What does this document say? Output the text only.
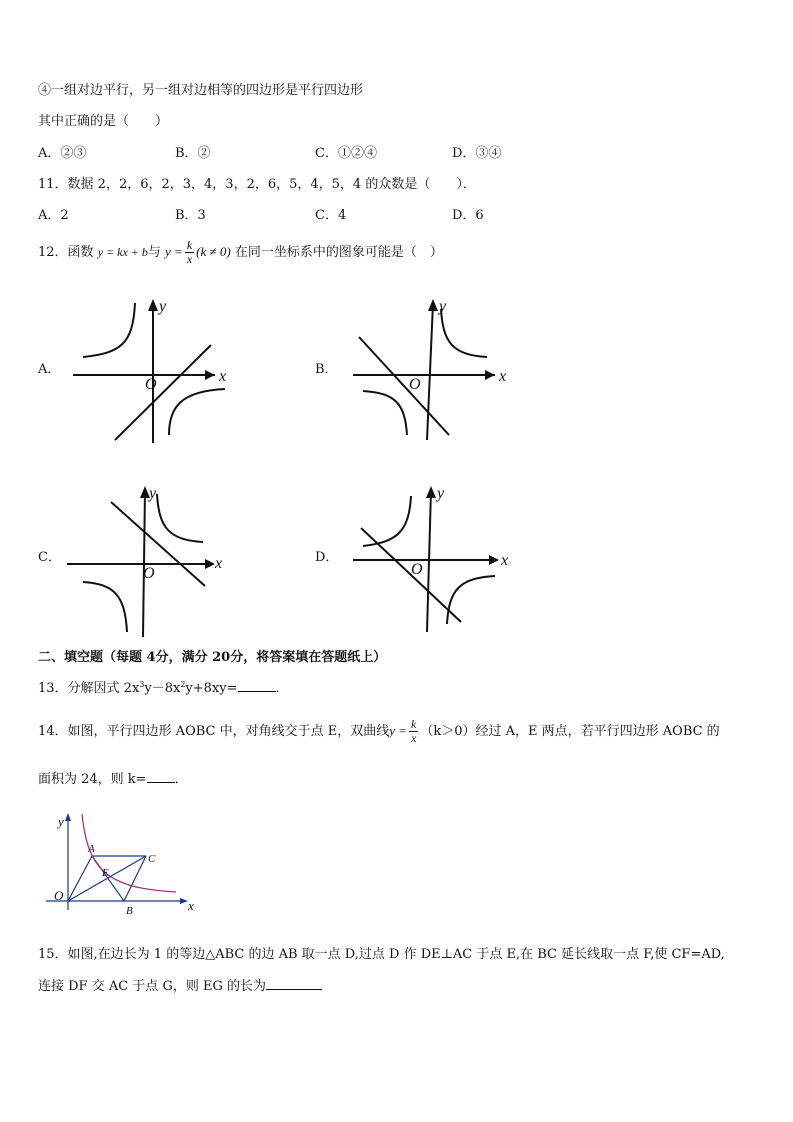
④一组对边平行，另一组对边相等的四边形是平行四边形
其中正确的是（　　）
A．②③	B．②	C．①②④	D．③④
11．数据 2，2，6，2，3，4，3，2，6，5，4，5，4 的众数是（　　）．
A．2	B．3	C．4	D．6
12．函数 y = kx + b与 $y = \frac{k}{x} (k \ne 0)$ 在同一坐标系中的图象可能是（　）
A．	x
y
O
B．	x
y
O
C．	x
y
O
D．	x
y
O
二、填空题（每题 4分，满分 20分，将答案填在答题纸上）
13．分解因式 $2x^3y-8x^2y+8xy=$	．
14．如图，平行四边形 AOBC 中，对角线交于点 E，双曲线$y = \frac{k}{x} (k>0)$经过 A，E 两点，若平行四边形 AOBC 的
面积为 24，则 k= ．
y
x
O
A
C
B
E
15．如图,在边长为 1 的等边△ABC 的边 AB 取一点 D,过点 D 作 DE⊥AC 于点 E,在 BC 延长线取一点 F,使 CF=AD,
连接 DF 交 AC 于点 G，则 EG 的长为
